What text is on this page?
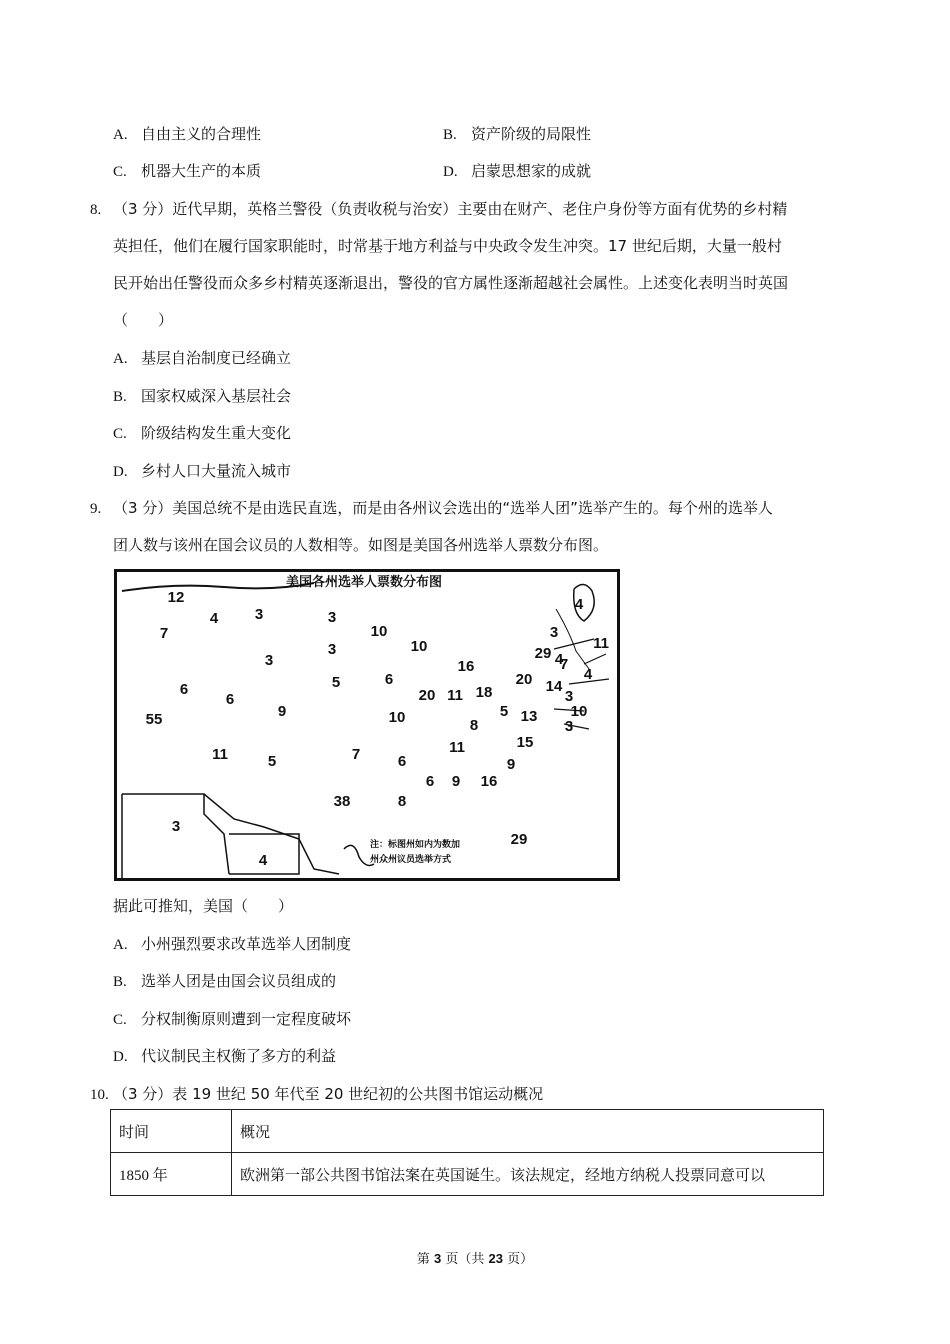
A. 自由主义的合理性	B. 资产阶级的局限性
C. 机器大生产的本质	D. 启蒙思想家的成就
8. （3 分）近代早期，英格兰警役（负责收税与治安）主要由在财产、老住户身份等方面有优势的乡村精
英担任，他们在履行国家职能时，时常基于地方利益与中央政令发生冲突。17 世纪后期，大量一般村
民开始出任警役而众多乡村精英逐渐退出，警役的官方属性逐渐超越社会属性。上述变化表明当时英国
（　　）
A. 基层自治制度已经确立
B. 国家权威深入基层社会
C. 阶级结构发生重大变化
D. 乡村人口大量流入城市
9. （3 分）美国总统不是由选民直选，而是由各州议会选出的“选举人团”选举产生的。每个州的选举人
团人数与该州在国会议员的人数相等。如图是美国各州选举人票数分布图。
美国各州选举人票数分布图
12
7
3
4
3
3
10
3	10
6
6
9
5	6
55
11	5	7	6
10
16
20 11 18
20
8
5 13
11	15
9
6 9 16
38	8
3
4
29
29
4
3
4
11
7
4
14
3
10
3
注：标图州如内为数加
州众州议员选举方式
据此可推知，美国（　　）
A. 小州强烈要求改革选举人团制度
B. 选举人团是由国会议员组成的
C. 分权制衡原则遭到一定程度破坏
D. 代议制民主权衡了多方的利益
10. （3 分）表 19 世纪 50 年代至 20 世纪初的公共图书馆运动概况
时间	概况
1850 年	欧洲第一部公共图书馆法案在英国诞生。该法规定，经地方纳税人投票同意可以
第 3 页（共 23 页）
